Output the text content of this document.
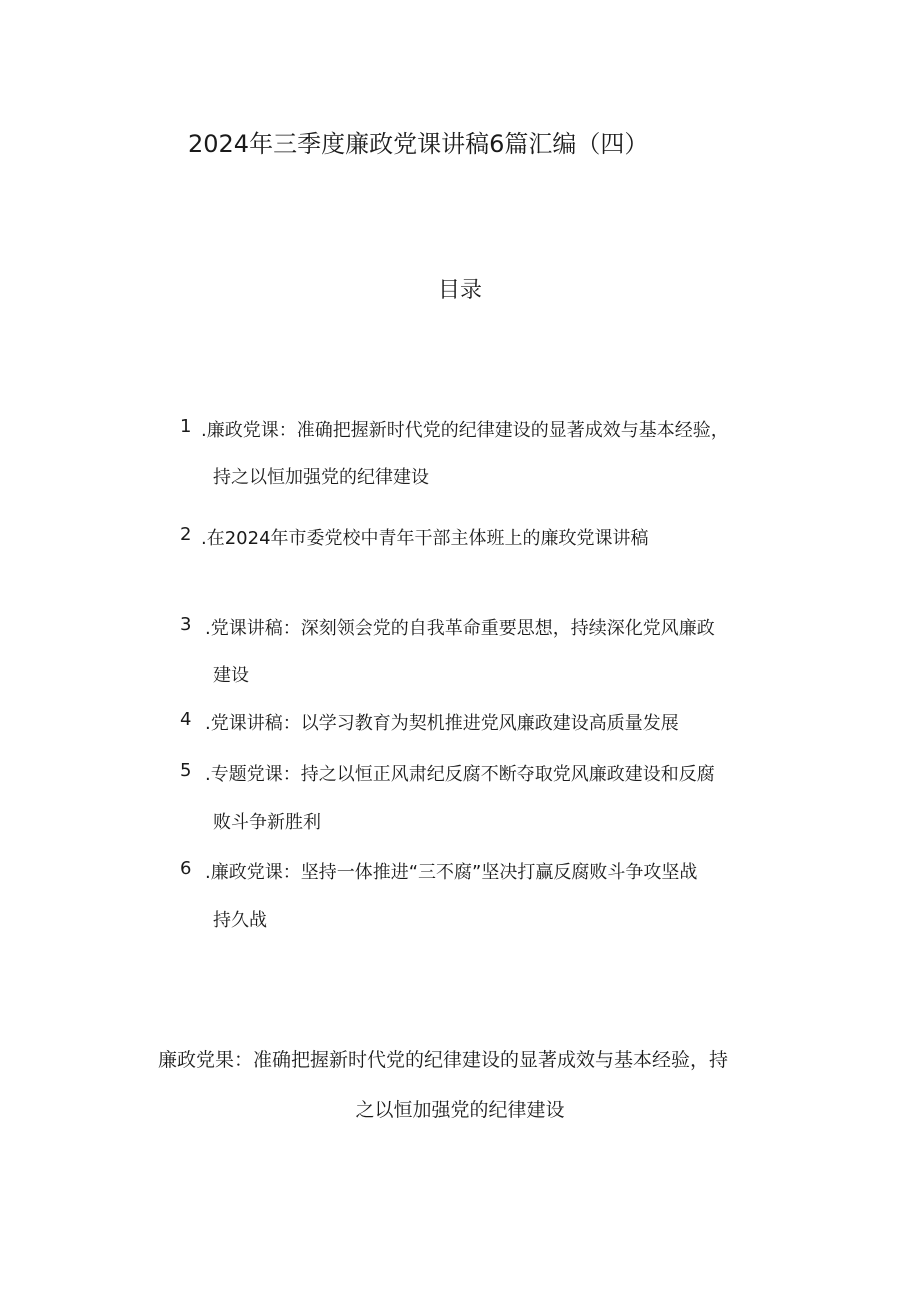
2024年三季度廉政党课讲稿6篇汇编（四）
目录
1 .廉政党课：准确把握新时代党的纪律建设的显著成效与基本经验，
持之以恒加强党的纪律建设
2 .在2024年市委党校中青年干部主体班上的廉玫党课讲稿
3 .党课讲稿：深刻领会党的自我革命重要思想，持续深化党风廉政
建设
4 .党课讲稿：以学习教育为契机推进党风廉政建设高质量发展
5 .专题党课：持之以恒正风肃纪反腐不断夺取党风廉政建设和反腐
败斗争新胜利
6 .廉政党课：坚持一体推进“三不腐”坚决打赢反腐败斗争攻坚战
持久战
廉政党果：准确把握新时代党的纪律建设的显著成效与基本经验，持
之以恒加强党的纪律建设
